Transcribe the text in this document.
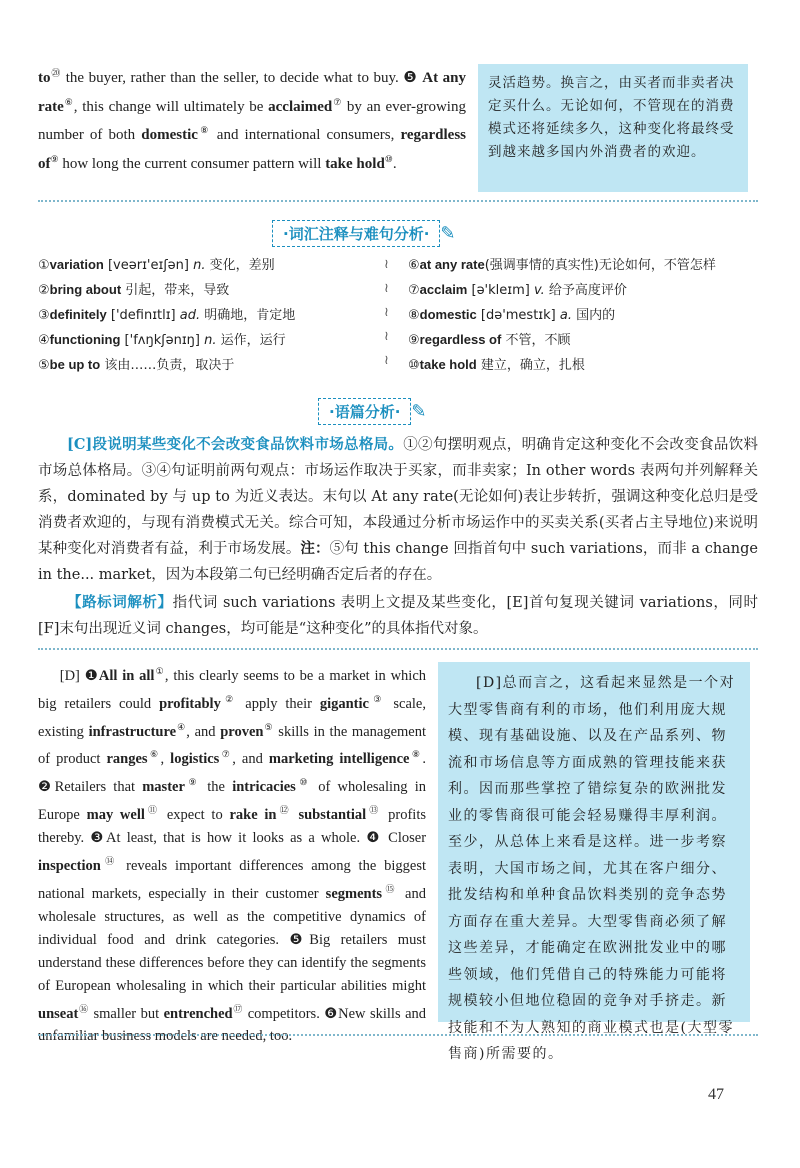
to⑳ the buyer, rather than the seller, to decide what to buy. ❺ At any rate⑥, this change will ultimately be acclaimed⑦ by an ever-growing number of both domestic⑧ and international consumers, regardless of⑨ how long the current consumer pattern will take hold⑩.
灵活趋势。换言之，由买者而非卖者决定买什么。无论如何，不管现在的消费模式还将延续多久，这种变化将最终受到越来越多国内外消费者的欢迎。
·词汇注释与难句分析· ✎
①variation [veərɪ'eɪʃən] n. 变化，差别
②bring about 引起，带来，导致
③definitely ['definɪtlɪ] ad. 明确地，肯定地
④functioning ['fʌŋkʃənɪŋ] n. 运作，运行
⑤be up to 该由……负责，取决于
≀
≀
≀
≀
≀
⑥at any rate(强调事情的真实性)无论如何，不管怎样
⑦acclaim [ə'kleɪm] v. 给予高度评价
⑧domestic [də'mestɪk] a. 国内的
⑨regardless of 不管，不顾
⑩take hold 建立，确立，扎根
·语篇分析· ✎
[C]段说明某些变化不会改变食品饮料市场总格局。①②句摆明观点，明确肯定这种变化不会改变食品饮料市场总体格局。③④句证明前两句观点：市场运作取决于买家，而非卖家；In other words 表两句并列解释关系，dominated by 与 up to 为近义表达。末句以 At any rate(无论如何)表让步转折，强调这种变化总归是受消费者欢迎的，与现有消费模式无关。综合可知，本段通过分析市场运作中的买卖关系(买者占主导地位)来说明某种变化对消费者有益，利于市场发展。注：⑤句 this change 回指首句中 such variations，而非 a change in the... market，因为本段第二句已经明确否定后者的存在。
【路标词解析】指代词 such variations 表明上文提及某些变化，[E]首句复现关键词 variations，同时[F]末句出现近义词 changes，均可能是“这种变化”的具体指代对象。
[D] ❶All in all①, this clearly seems to be a market in which big retailers could profitably② apply their gigantic③ scale, existing infrastructure④, and proven⑤ skills in the management of product ranges⑥, logistics⑦, and marketing intelligence⑧. ❷Retailers that master⑨ the intricacies⑩ of wholesaling in Europe may well⑪ expect to rake in⑫ substantial⑬ profits thereby. ❸At least, that is how it looks as a whole. ❹ Closer inspection⑭ reveals important differences among the biggest national markets, especially in their customer segments⑮ and wholesale structures, as well as the competitive dynamics of individual food and drink categories. ❺Big retailers must understand these differences before they can identify the segments of European wholesaling in which their particular abilities might unseat⑯ smaller but entrenched⑰ competitors. ❻New skills and unfamiliar business models are needed, too.
[D]总而言之，这看起来显然是一个对大型零售商有利的市场，他们利用庞大规模、现有基础设施、以及在产品系列、物流和市场信息等方面成熟的管理技能来获利。因而那些掌控了错综复杂的欧洲批发业的零售商很可能会轻易赚得丰厚利润。至少，从总体上来看是这样。进一步考察表明，大国市场之间，尤其在客户细分、批发结构和单种食品饮料类别的竞争态势方面存在重大差异。大型零售商必须了解这些差异，才能确定在欧洲批发业中的哪些领域，他们凭借自己的特殊能力可能将规模较小但地位稳固的竞争对手挤走。新技能和不为人熟知的商业模式也是(大型零售商)所需要的。
47
